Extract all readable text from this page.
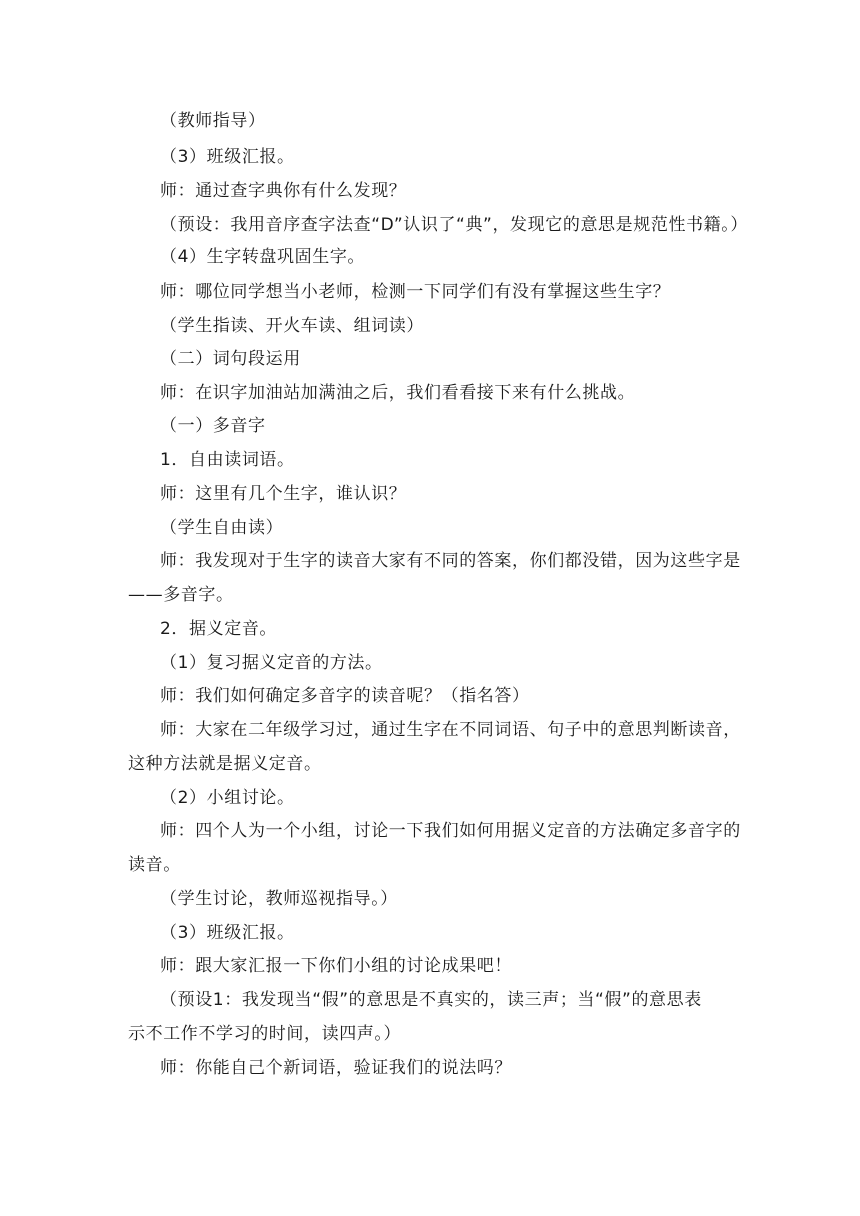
（教师指导）
（3）班级汇报。
师：通过查字典你有什么发现？
（预设：我用音序查字法查“D”认识了“典”，发现它的意思是规范性书籍。）
（4）生字转盘巩固生字。
师：哪位同学想当小老师，检测一下同学们有没有掌握这些生字？
（学生指读、开火车读、组词读）
（二）词句段运用
师：在识字加油站加满油之后，我们看看接下来有什么挑战。
（一）多音字
1．自由读词语。
师：这里有几个生字，谁认识？
（学生自由读）
师：我发现对于生字的读音大家有不同的答案，你们都没错，因为这些字是
——多音字。
2．据义定音。
（1）复习据义定音的方法。
师：我们如何确定多音字的读音呢？（指名答）
师：大家在二年级学习过，通过生字在不同词语、句子中的意思判断读音，
这种方法就是据义定音。
（2）小组讨论。
师：四个人为一个小组，讨论一下我们如何用据义定音的方法确定多音字的
读音。
（学生讨论，教师巡视指导。）
（3）班级汇报。
师：跟大家汇报一下你们小组的讨论成果吧！
（预设1：我发现当“假”的意思是不真实的，读三声；当“假”的意思表
示不工作不学习的时间，读四声。）
师：你能自己个新词语，验证我们的说法吗？
